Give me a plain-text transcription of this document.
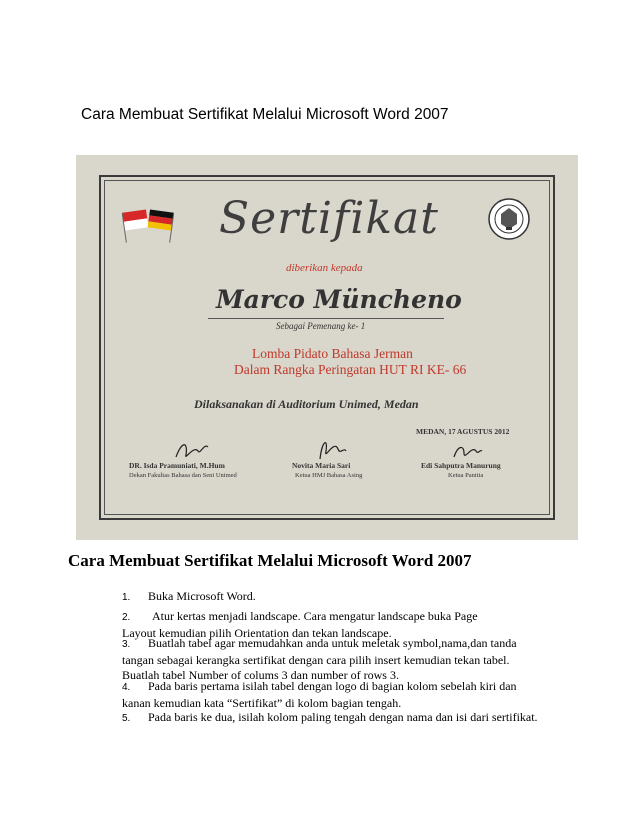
Cara Membuat Sertifikat Melalui Microsoft Word 2007
Sertifikat
diberikan kepada
Marco Müncheno
Sebagai Pemenang ke- 1
Lomba Pidato Bahasa Jerman
Dalam Rangka Peringatan HUT RI KE- 66
Dilaksanakan di Auditorium Unimed, Medan
MEDAN, 17 AGUSTUS 2012
DR. Isda Pramuniati, M.Hum
Dekan Fakultas Bahasa dan Seni Unimed
Novita Maria Sari
Ketua HMJ Bahasa Asing
Edi Sahputra Manurung
Ketua Panitia
Cara Membuat Sertifikat Melalui Microsoft Word 2007
1. Buka Microsoft Word.
2. Atur kertas menjadi landscape. Cara mengatur landscape buka Page
Layout kemudian pilih Orientation dan tekan landscape.
3. Buatlah tabel agar memudahkan anda untuk meletak symbol,nama,dan tanda
tangan sebagai kerangka sertifikat dengan cara pilih insert kemudian tekan tabel.
Buatlah tabel Number of colums 3 dan number of rows 3.
4. Pada baris pertama isilah tabel dengan logo di bagian kolom sebelah kiri dan
kanan kemudian kata “Sertifikat” di kolom bagian tengah.
5. Pada baris ke dua, isilah kolom paling tengah dengan nama dan isi dari sertifikat.
